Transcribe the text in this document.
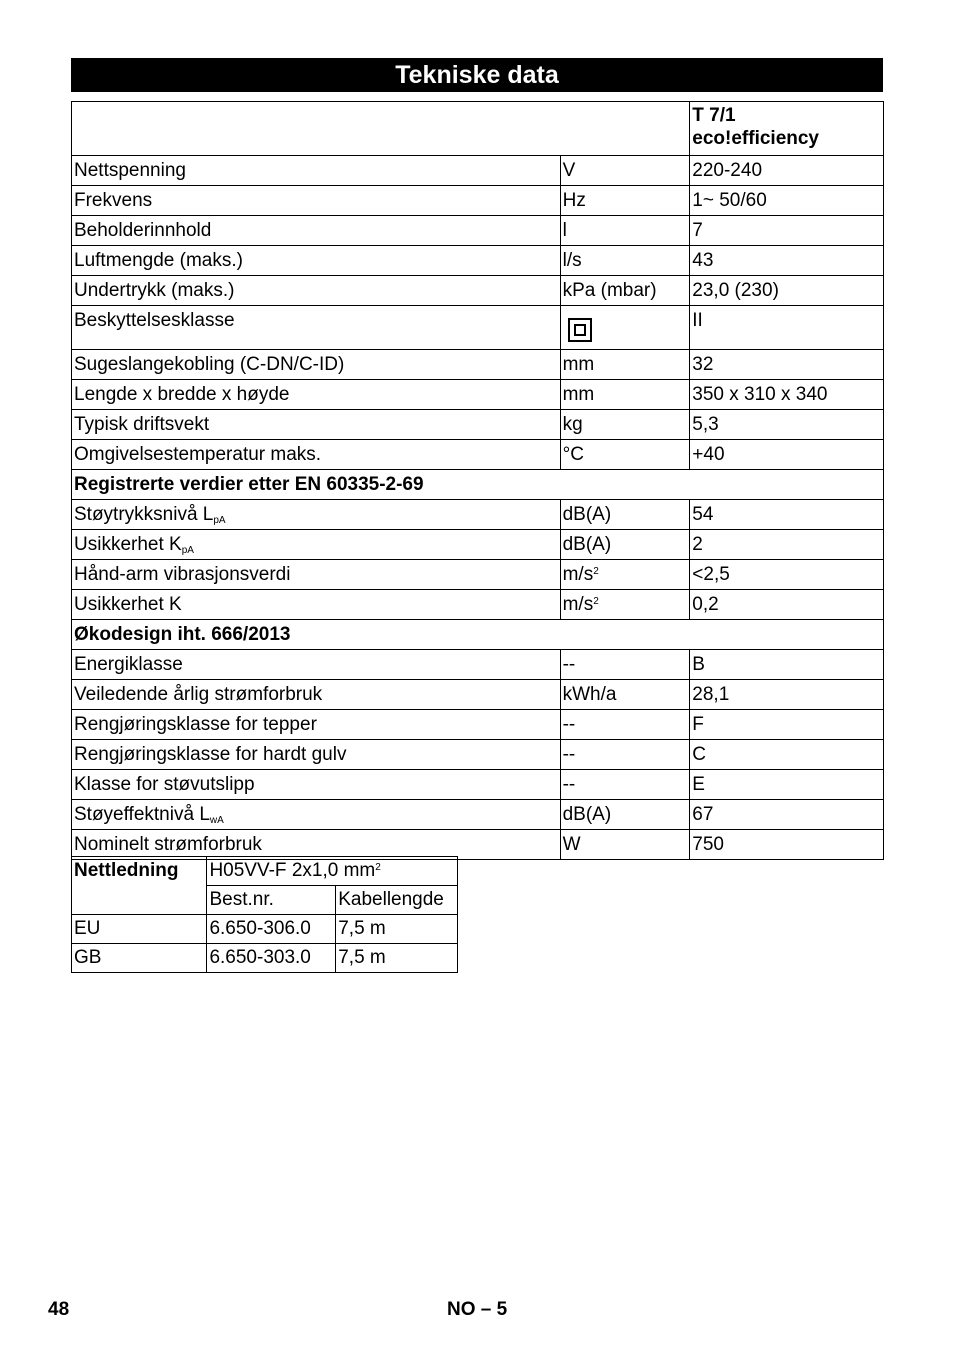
Tekniske data
		T 7/1
eco!efficiency
Nettspenning	V	220-240
Frekvens	Hz	1~ 50/60
Beholderinnhold	l	7
Luftmengde (maks.)	l/s	43
Undertrykk (maks.)	kPa (mbar)	23,0 (230)
Beskyttelsesklasse		II
Sugeslangekobling (C-DN/C-ID)	mm	32
Lengde x bredde x høyde	mm	350 x 310 x 340
Typisk driftsvekt	kg	5,3
Omgivelsestemperatur maks.	°C	+40
Registrerte verdier etter EN 60335-2-69		
Støytrykksnivå $L_{pA}$	dB(A)	54
Usikkerhet $K_{pA}$	dB(A)	2
Hånd-arm vibrasjonsverdi	$m/s^2$	<2,5
Usikkerhet K	$m/s^2$	0,2
Økodesign iht. 666/2013		
Energiklasse	--	B
Veiledende årlig strømforbruk	kWh/a	28,1
Rengjøringsklasse for tepper	--	F
Rengjøringsklasse for hardt gulv	--	C
Klasse for støvutslipp	--	E
Støyeffektnivå $L_{wA}$	dB(A)	67
Nominelt strømforbruk	W	750
Nettledning	H05VV-F 2x1,0 $mm^2$
	Best.nr.	Kabellengde
EU	6.650-306.0	7,5 m
GB	6.650-303.0	7,5 m
48	NO – 5
